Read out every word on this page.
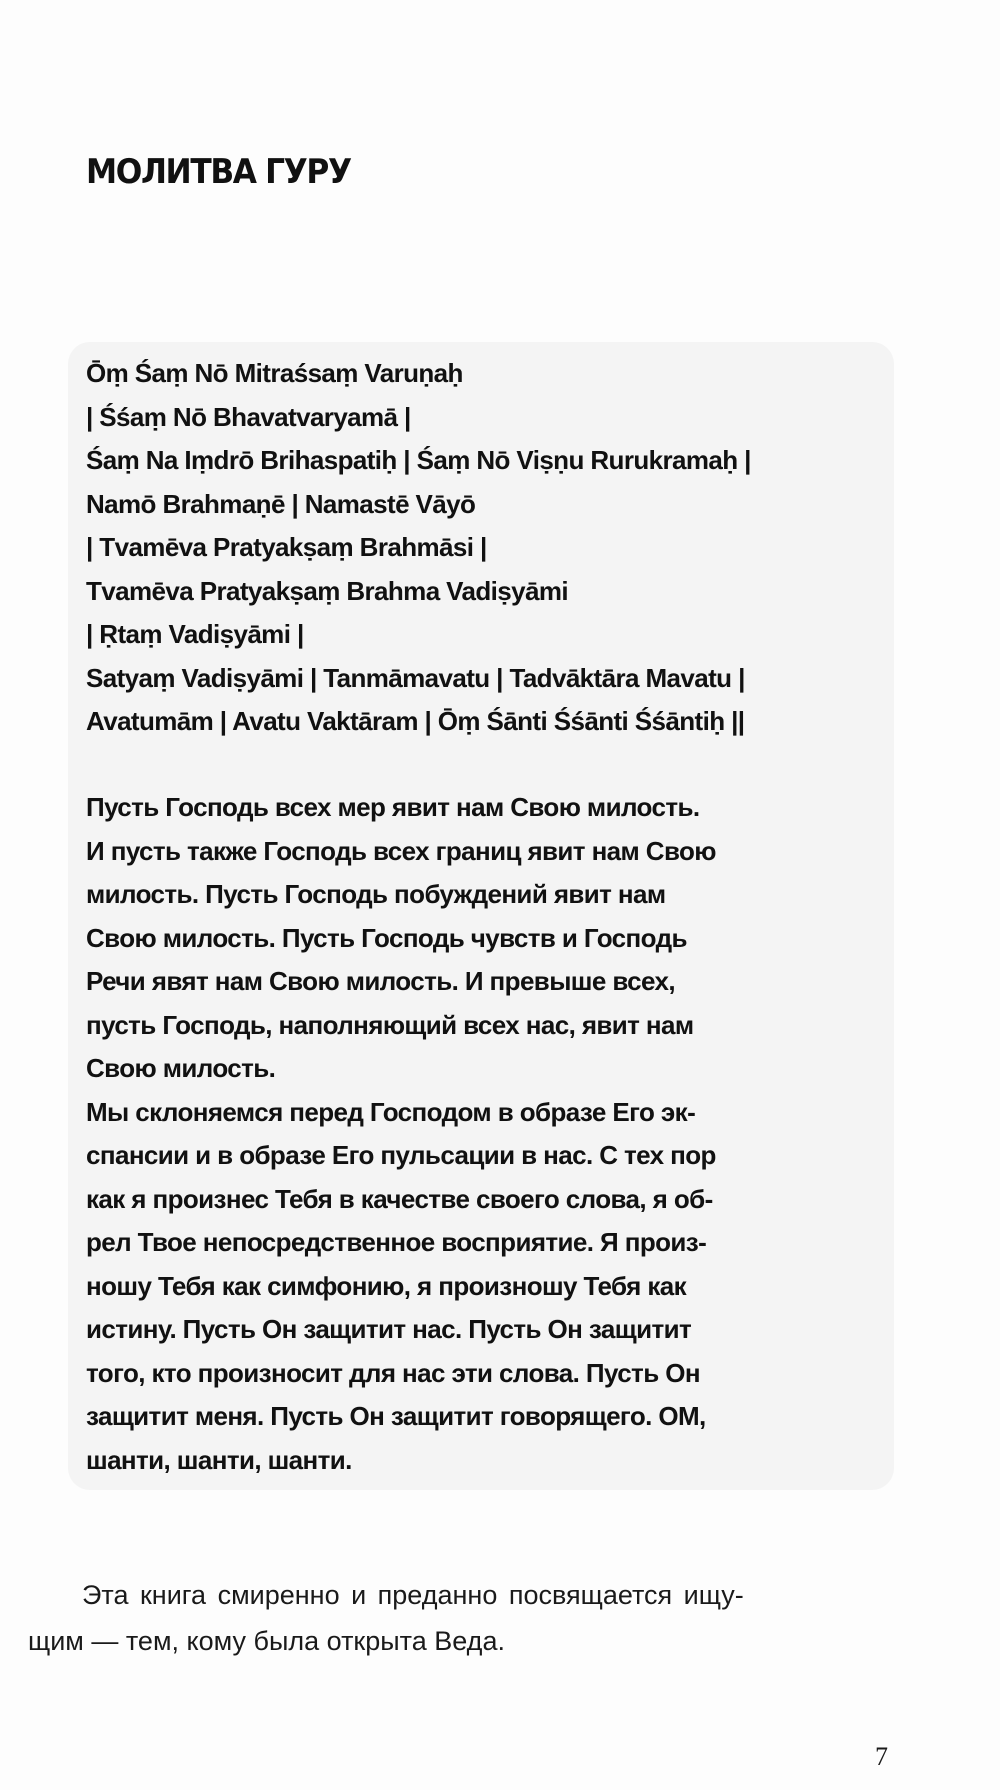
МОЛИТВА ГУРУ
Ōṃ Śaṃ Nō Mitraśsaṃ Varuṇaḥ
| Śśaṃ Nō Bhavatvaryamā |
Śaṃ Na Iṃdrō Brihaspatiḥ | Śaṃ Nō Viṣṇu Rurukramaḥ |
Namō Brahmaṇē | Namastē Vāyō
| Tvamēva Pratyakṣaṃ Brahmāsi |
Tvamēva Pratyakṣaṃ Brahma Vadiṣyāmi
| Ṛtaṃ Vadiṣyāmi |
Satyaṃ Vadiṣyāmi | Tanmāmavatu | Tadvāktāra Mavatu |
Avatumām | Avatu Vaktāram | Ōṃ Śānti Śśānti Śśāntiḥ ||
Пусть Господь всех мер явит нам Свою милость.
И пусть также Господь всех границ явит нам Свою
милость. Пусть Господь побуждений явит нам
Свою милость. Пусть Господь чувств и Господь
Речи явят нам Свою милость. И превыше всех,
пусть Господь, наполняющий всех нас, явит нам
Свою милость.
Мы склоняемся перед Господом в образе Его эк-
спансии и в образе Его пульсации в нас. С тех пор
как я произнес Тебя в качестве своего слова, я об-
рел Твое непосредственное восприятие. Я произ-
ношу Тебя как симфонию, я произношу Тебя как
истину. Пусть Он защитит нас. Пусть Он защитит
того, кто произносит для нас эти слова. Пусть Он
защитит меня. Пусть Он защитит говорящего. ОМ,
шанти, шанти, шанти.

Эта книга смиренно и преданно посвящается ищу-
щим — тем, кому была открыта Веда.

7
